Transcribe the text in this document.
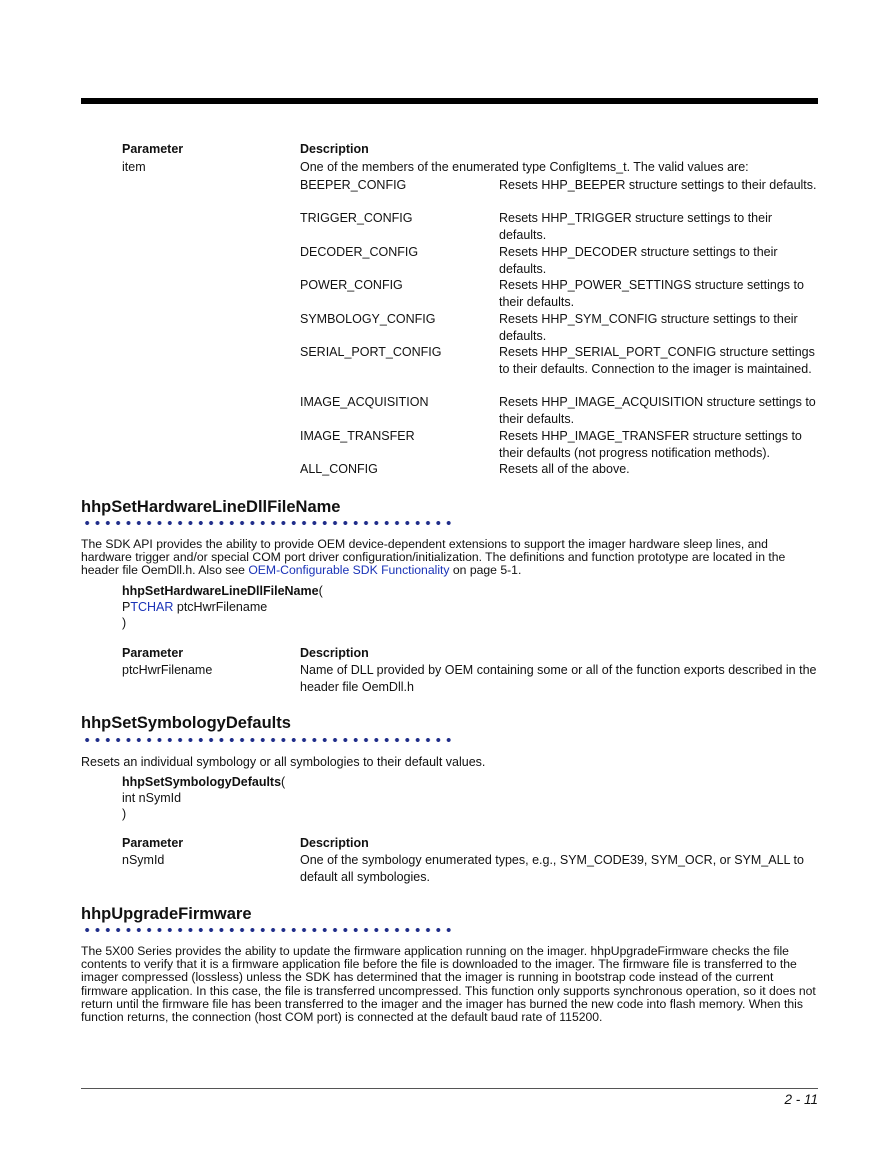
Parameter	Description
item	One of the members of the enumerated type ConfigItems_t. The valid values are:
BEEPER_CONFIG	Resets HHP_BEEPER structure settings to their defaults.
TRIGGER_CONFIG	Resets HHP_TRIGGER structure settings to their defaults.
DECODER_CONFIG	Resets HHP_DECODER structure settings to their defaults.
POWER_CONFIG	Resets HHP_POWER_SETTINGS structure settings to their defaults.
SYMBOLOGY_CONFIG	Resets HHP_SYM_CONFIG structure settings to their defaults.
SERIAL_PORT_CONFIG	Resets HHP_SERIAL_PORT_CONFIG structure settings to their defaults. Connection to the imager is maintained.
IMAGE_ACQUISITION	Resets HHP_IMAGE_ACQUISITION structure settings to their defaults.
IMAGE_TRANSFER	Resets HHP_IMAGE_TRANSFER structure settings to their defaults (not progress notification methods).
ALL_CONFIG	Resets all of the above.
hhpSetHardwareLineDllFileName
The SDK API provides the ability to provide OEM device-dependent extensions to support the imager hardware sleep lines, and hardware trigger and/or special COM port driver configuration/initialization. The definitions and function prototype are located in the header file OemDll.h. Also see OEM-Configurable SDK Functionality on page 5-1.
hhpSetHardwareLineDllFileName(
PTCHAR ptcHwrFilename
)
Parameter	Description
ptcHwrFilename	Name of DLL provided by OEM containing some or all of the function exports described in the header file OemDll.h
hhpSetSymbologyDefaults
Resets an individual symbology or all symbologies to their default values.
hhpSetSymbologyDefaults(
int nSymId
)
Parameter	Description
nSymId	One of the symbology enumerated types, e.g., SYM_CODE39, SYM_OCR, or SYM_ALL to default all symbologies.
hhpUpgradeFirmware
The 5X00 Series provides the ability to update the firmware application running on the imager. hhpUpgradeFirmware checks the file contents to verify that it is a firmware application file before the file is downloaded to the imager. The firmware file is transferred to the imager compressed (lossless) unless the SDK has determined that the imager is running in bootstrap code instead of the current firmware application. In this case, the file is transferred uncompressed. This function only supports synchronous operation, so it does not return until the firmware file has been transferred to the imager and the imager has burned the new code into flash memory. When this function returns, the connection (host COM port) is connected at the default baud rate of 115200.
2 - 11
